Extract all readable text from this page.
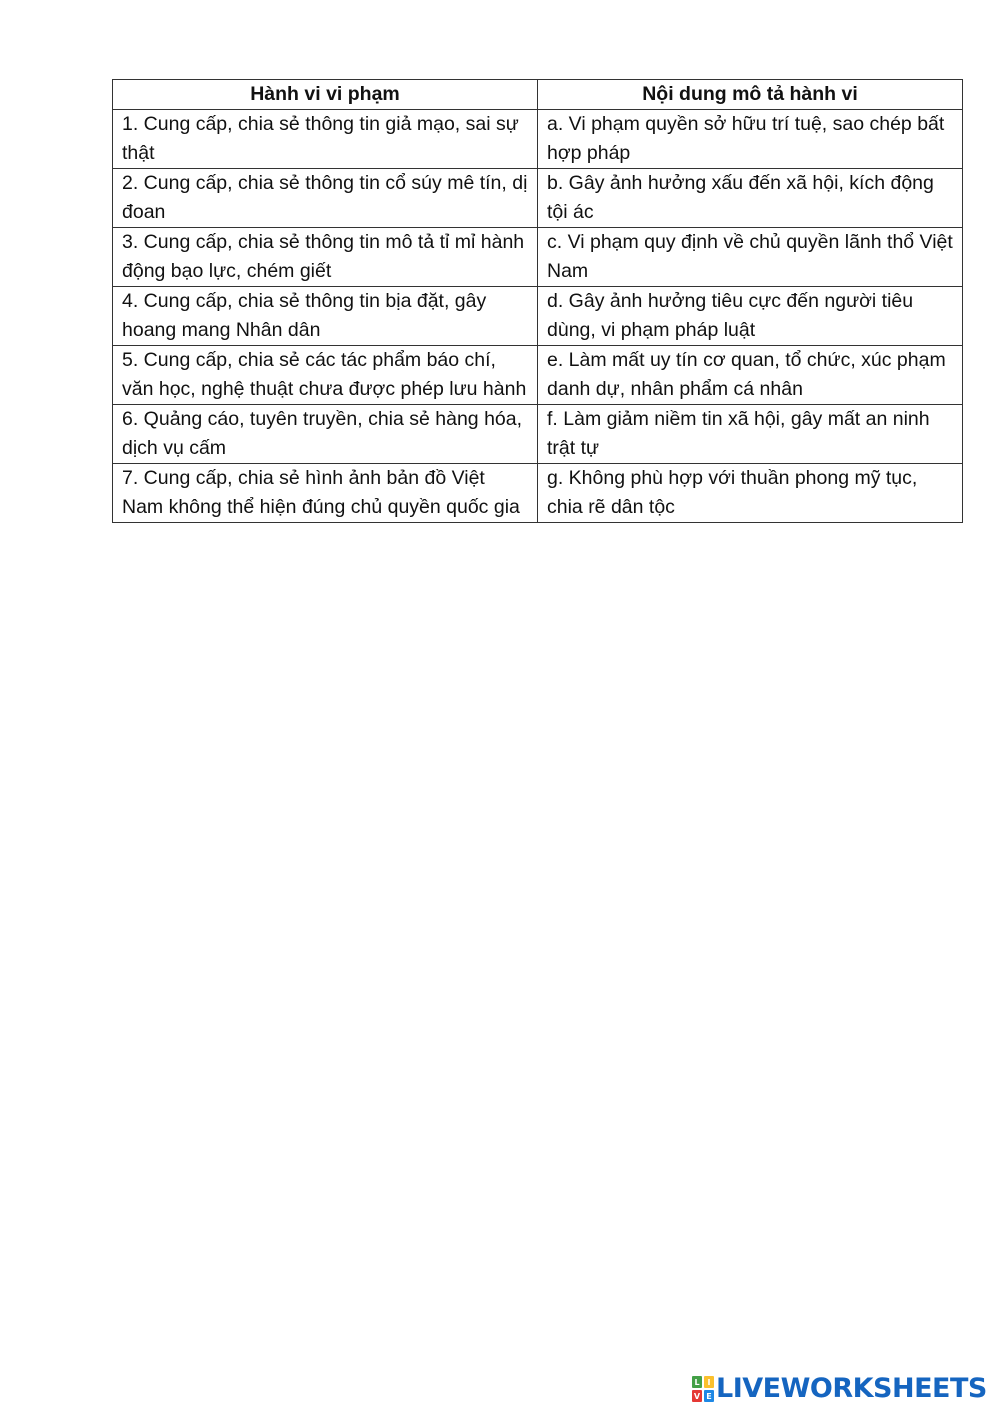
Hành vi vi phạm	Nội dung mô tả hành vi
1. Cung cấp, chia sẻ thông tin giả mạo, sai sự thật	a. Vi phạm quyền sở hữu trí tuệ, sao chép bất hợp pháp
2. Cung cấp, chia sẻ thông tin cổ súy mê tín, dị đoan	b. Gây ảnh hưởng xấu đến xã hội, kích động tội ác
3. Cung cấp, chia sẻ thông tin mô tả tỉ mỉ hành động bạo lực, chém giết	c. Vi phạm quy định về chủ quyền lãnh thổ Việt Nam
4. Cung cấp, chia sẻ thông tin bịa đặt, gây hoang mang Nhân dân	d. Gây ảnh hưởng tiêu cực đến người tiêu dùng, vi phạm pháp luật
5. Cung cấp, chia sẻ các tác phẩm báo chí, văn học, nghệ thuật chưa được phép lưu hành	e. Làm mất uy tín cơ quan, tổ chức, xúc phạm danh dự, nhân phẩm cá nhân
6. Quảng cáo, tuyên truyền, chia sẻ hàng hóa, dịch vụ cấm	f. Làm giảm niềm tin xã hội, gây mất an ninh trật tự
7. Cung cấp, chia sẻ hình ảnh bản đồ Việt Nam không thể hiện đúng chủ quyền quốc gia	g. Không phù hợp với thuần phong mỹ tục, chia rẽ dân tộc
L I
V E LIVEWORKSHEETS
